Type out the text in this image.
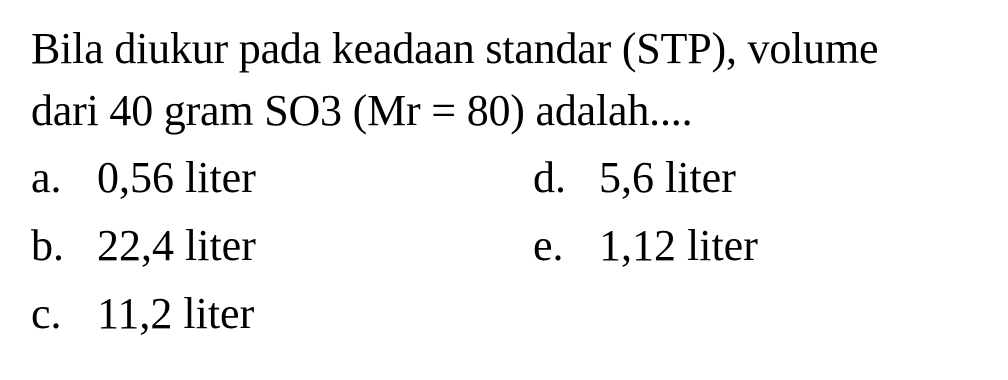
Bila diukur pada keadaan standar (STP), volume
dari 40 gram SO3 (Mr = 80) adalah....
a. 0,56 liter
b. 22,4 liter
c. 11,2 liter
d. 5,6 liter
e. 1,12 liter
